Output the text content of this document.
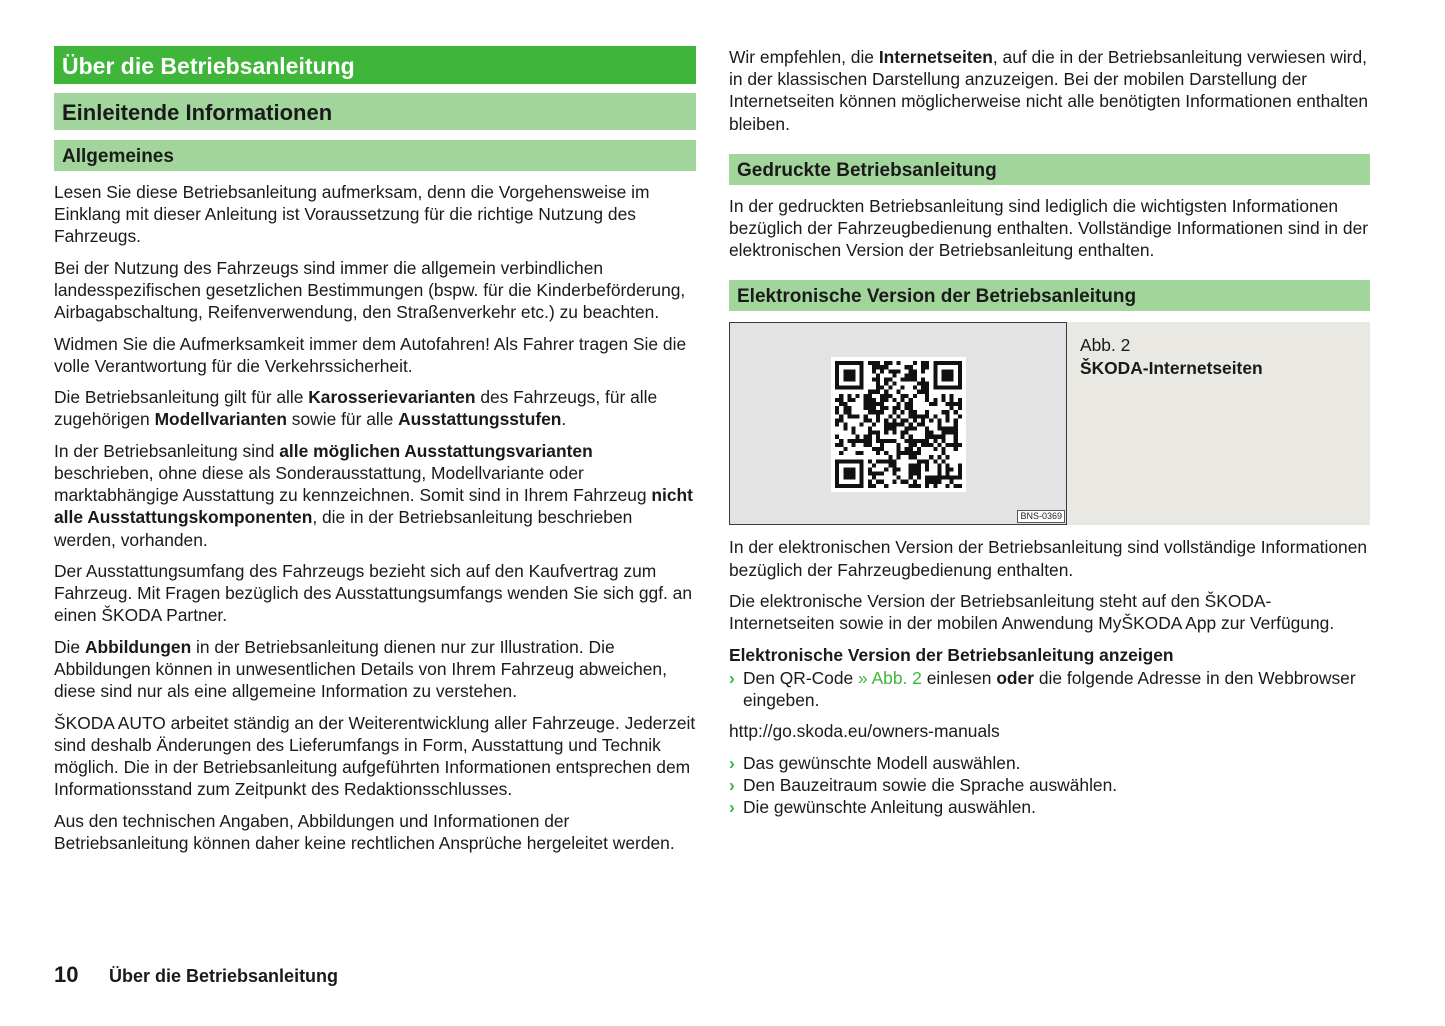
Über die Betriebsanleitung
Einleitende Informationen
Allgemeines

Lesen Sie diese Betriebsanleitung aufmerksam, denn die Vorgehensweise im Einklang mit dieser Anleitung ist Voraussetzung für die richtige Nutzung des Fahrzeugs.

Bei der Nutzung des Fahrzeugs sind immer die allgemein verbindlichen landesspezifischen gesetzlichen Bestimmungen (bspw. für die Kinderbeförderung, Airbagabschaltung, Reifenverwendung, den Straßenverkehr etc.) zu beachten.

Widmen Sie die Aufmerksamkeit immer dem Autofahren! Als Fahrer tragen Sie die volle Verantwortung für die Verkehrssicherheit.

Die Betriebsanleitung gilt für alle Karosserievarianten des Fahrzeugs, für alle zugehörigen Modellvarianten sowie für alle Ausstattungsstufen.

In der Betriebsanleitung sind alle möglichen Ausstattungsvarianten beschrieben, ohne diese als Sonderausstattung, Modellvariante oder marktabhängige Ausstattung zu kennzeichnen. Somit sind in Ihrem Fahrzeug nicht alle Ausstattungskomponenten, die in der Betriebsanleitung beschrieben werden, vorhanden.

Der Ausstattungsumfang des Fahrzeugs bezieht sich auf den Kaufvertrag zum Fahrzeug. Mit Fragen bezüglich des Ausstattungsumfangs wenden Sie sich ggf. an einen ŠKODA Partner.

Die Abbildungen in der Betriebsanleitung dienen nur zur Illustration. Die Abbildungen können in unwesentlichen Details von Ihrem Fahrzeug abweichen, diese sind nur als eine allgemeine Information zu verstehen.

ŠKODA AUTO arbeitet ständig an der Weiterentwicklung aller Fahrzeuge. Jederzeit sind deshalb Änderungen des Lieferumfangs in Form, Ausstattung und Technik möglich. Die in der Betriebsanleitung aufgeführten Informationen entsprechen dem Informationsstand zum Zeitpunkt des Redaktionsschlusses.

Aus den technischen Angaben, Abbildungen und Informationen der Betriebsanleitung können daher keine rechtlichen Ansprüche hergeleitet werden.

Wir empfehlen, die Internetseiten, auf die in der Betriebsanleitung verwiesen wird, in der klassischen Darstellung anzuzeigen. Bei der mobilen Darstellung der Internetseiten können möglicherweise nicht alle benötigten Informationen enthalten bleiben.

Gedruckte Betriebsanleitung

In der gedruckten Betriebsanleitung sind lediglich die wichtigsten Informationen bezüglich der Fahrzeugbedienung enthalten. Vollständige Informationen sind in der elektronischen Version der Betriebsanleitung enthalten.

Elektronische Version der Betriebsanleitung
BNS-0369
Abb. 2
ŠKODA-Internetseiten

In der elektronischen Version der Betriebsanleitung sind vollständige Informationen bezüglich der Fahrzeugbedienung enthalten.

Die elektronische Version der Betriebsanleitung steht auf den ŠKODA-Internetseiten sowie in der mobilen Anwendung MyŠKODA App zur Verfügung.

Elektronische Version der Betriebsanleitung anzeigen

› Den QR-Code » Abb. 2 einlesen oder die folgende Adresse in den Webbrowser eingeben.

http://go.skoda.eu/owners-manuals

› Das gewünschte Modell auswählen.

› Den Bauzeitraum sowie die Sprache auswählen.

› Die gewünschte Anleitung auswählen.

10	Über die Betriebsanleitung
